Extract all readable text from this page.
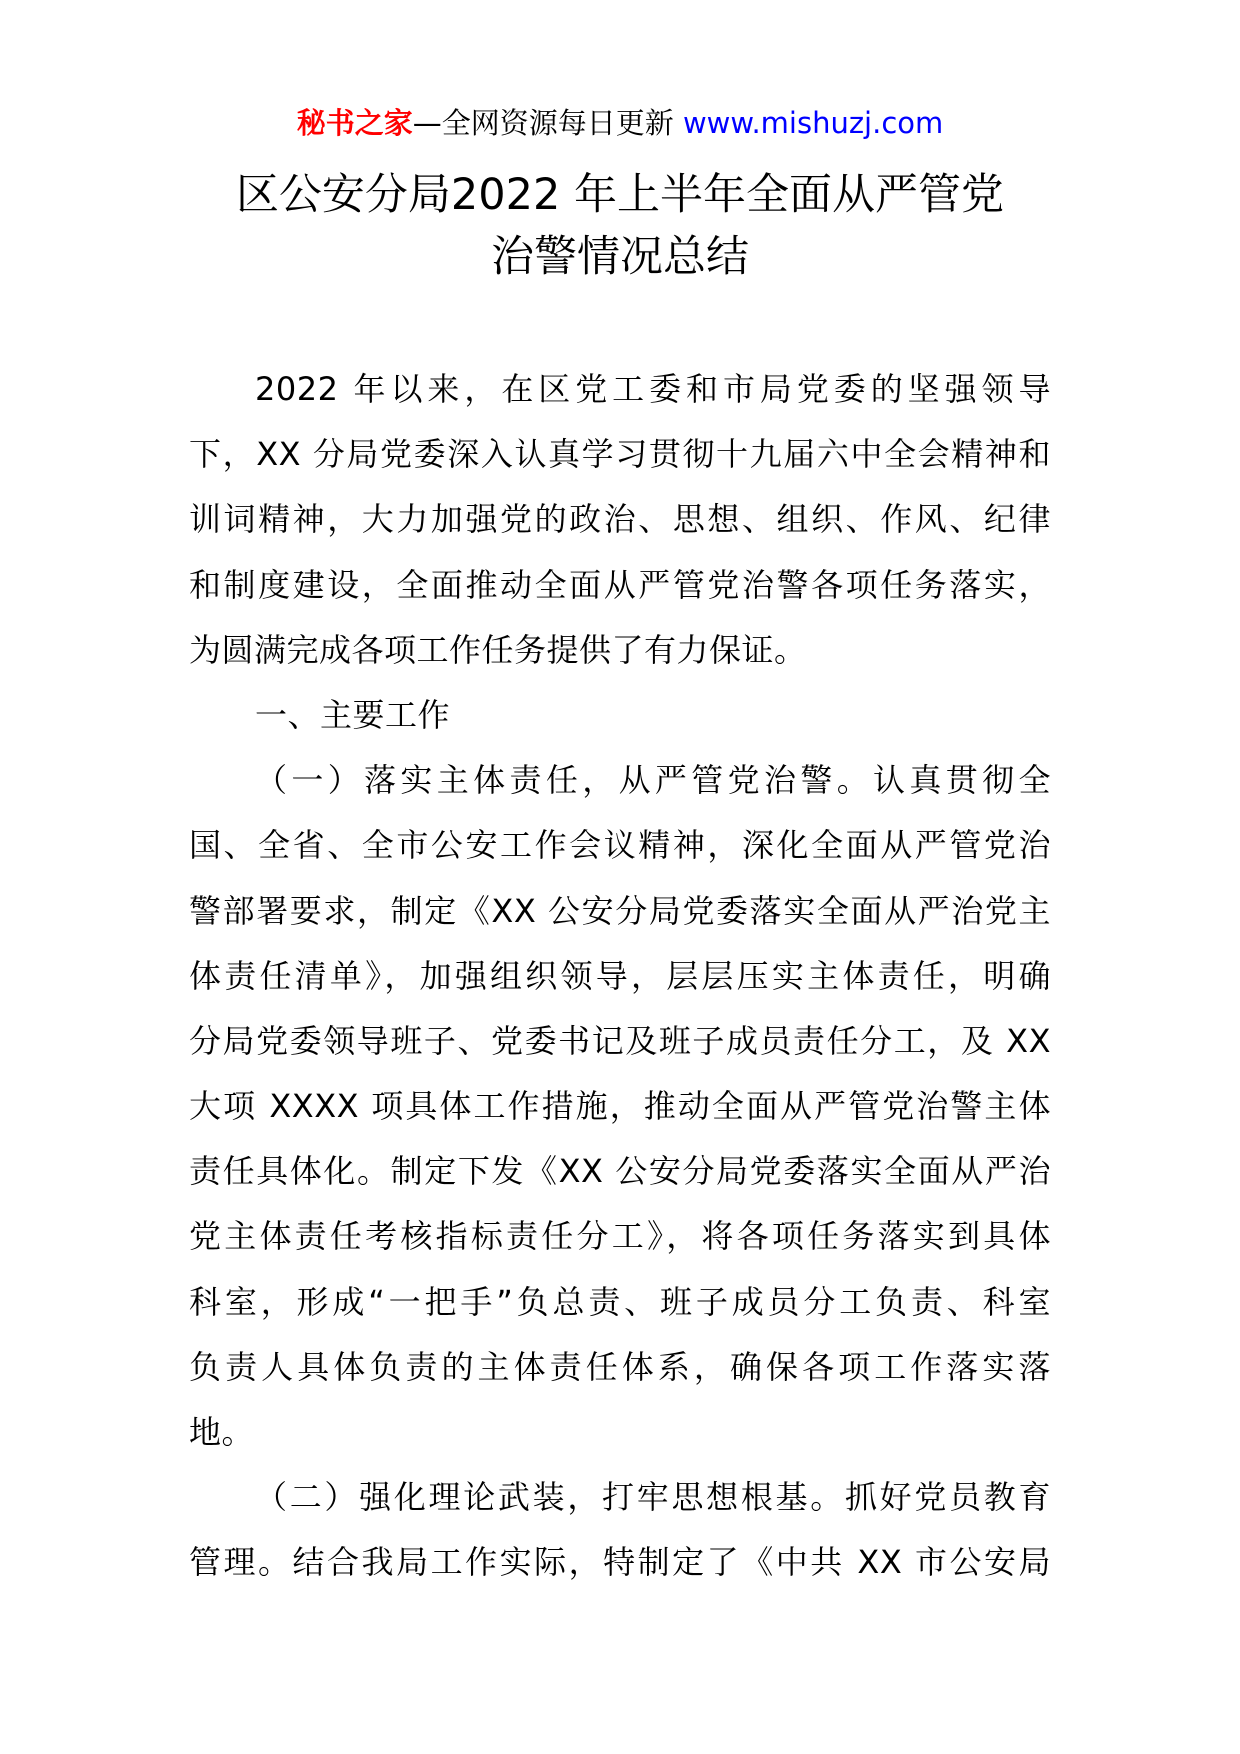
秘书之家—全网资源每日更新 www.mishuzj.com
区公安分局2022 年上半年全面从严管党
治警情况总结
2022 年以来，在区党工委和市局党委的坚强领导
下，XX 分局党委深入认真学习贯彻十九届六中全会精神和
训词精神，大力加强党的政治、思想、组织、作风、纪律
和制度建设，全面推动全面从严管党治警各项任务落实，
为圆满完成各项工作任务提供了有力保证。
一、主要工作
（一）落实主体责任，从严管党治警。认真贯彻全
国、全省、全市公安工作会议精神，深化全面从严管党治
警部署要求，制定《XX 公安分局党委落实全面从严治党主
体责任清单》，加强组织领导，层层压实主体责任，明确
分局党委领导班子、党委书记及班子成员责任分工，及 XX
大项 XXXX 项具体工作措施，推动全面从严管党治警主体
责任具体化。制定下发《XX 公安分局党委落实全面从严治
党主体责任考核指标责任分工》，将各项任务落实到具体
科室，形成“一把手”负总责、班子成员分工负责、科室
负责人具体负责的主体责任体系，确保各项工作落实落
地。
（二）强化理论武装，打牢思想根基。抓好党员教育
管理。结合我局工作实际，特制定了《中共 XX 市公安局
